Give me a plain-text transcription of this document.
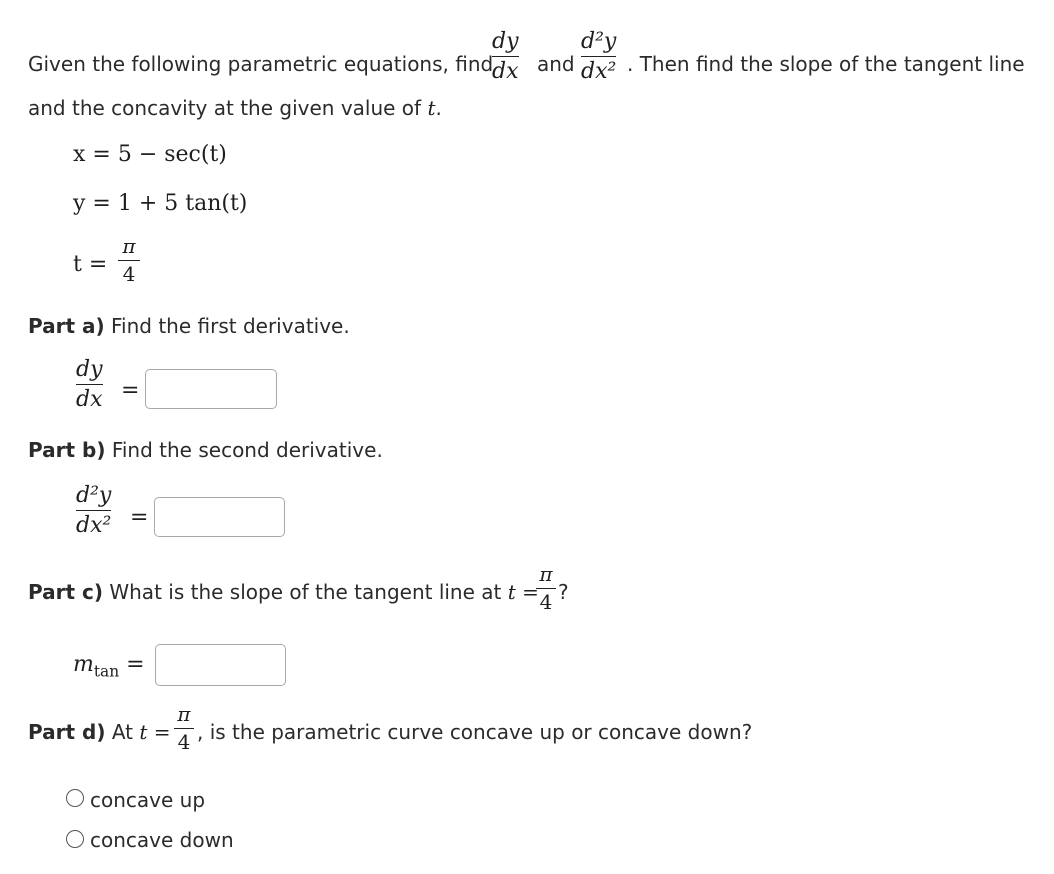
Given the following parametric equations, find
dy
dx and
d²y
dx² . Then find the slope of the tangent line
and the concavity at the given value of t.
x = 5 − sec(t)
y = 1 + 5 tan(t)
t =
π
4
Part a) Find the first derivative.
dy
dx =
Part b) Find the second derivative.
d²y
dx² =
Part c) What is the slope of the tangent line at t =
π
4 ?
$m_{tan}$ =
Part d) At t =
π
4 , is the parametric curve concave up or concave down?
concave up
concave down
